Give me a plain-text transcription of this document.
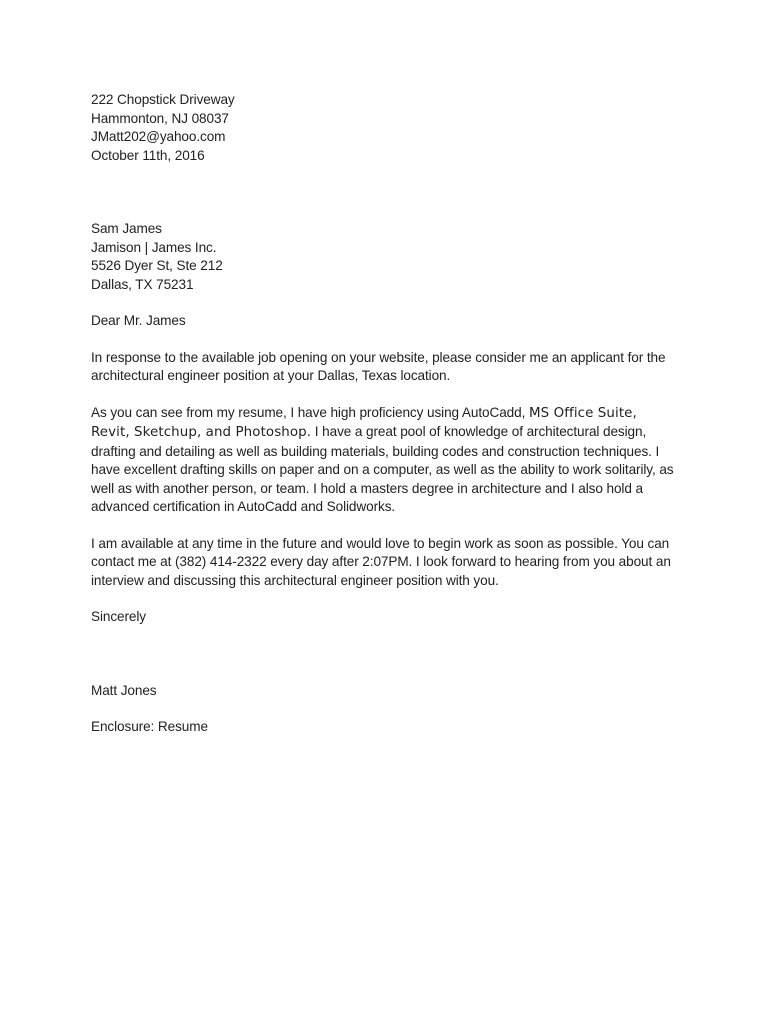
222 Chopstick Driveway
Hammonton, NJ 08037
JMatt202@yahoo.com
October 11th, 2016
Sam James
Jamison | James Inc.
5526 Dyer St, Ste 212
Dallas, TX 75231
Dear Mr. James
In response to the available job opening on your website, please consider me an applicant for the
architectural engineer position at your Dallas, Texas location.
As you can see from my resume, I have high proficiency using AutoCadd, MS Office Suite,
Revit, Sketchup, and Photoshop. I have a great pool of knowledge of architectural design,
drafting and detailing as well as building materials, building codes and construction techniques. I
have excellent drafting skills on paper and on a computer, as well as the ability to work solitarily, as
well as with another person, or team. I hold a masters degree in architecture and I also hold a
advanced certification in AutoCadd and Solidworks.
I am available at any time in the future and would love to begin work as soon as possible. You can
contact me at (382) 414-2322 every day after 2:07PM. I look forward to hearing from you about an
interview and discussing this architectural engineer position with you.
Sincerely
Matt Jones
Enclosure: Resume
